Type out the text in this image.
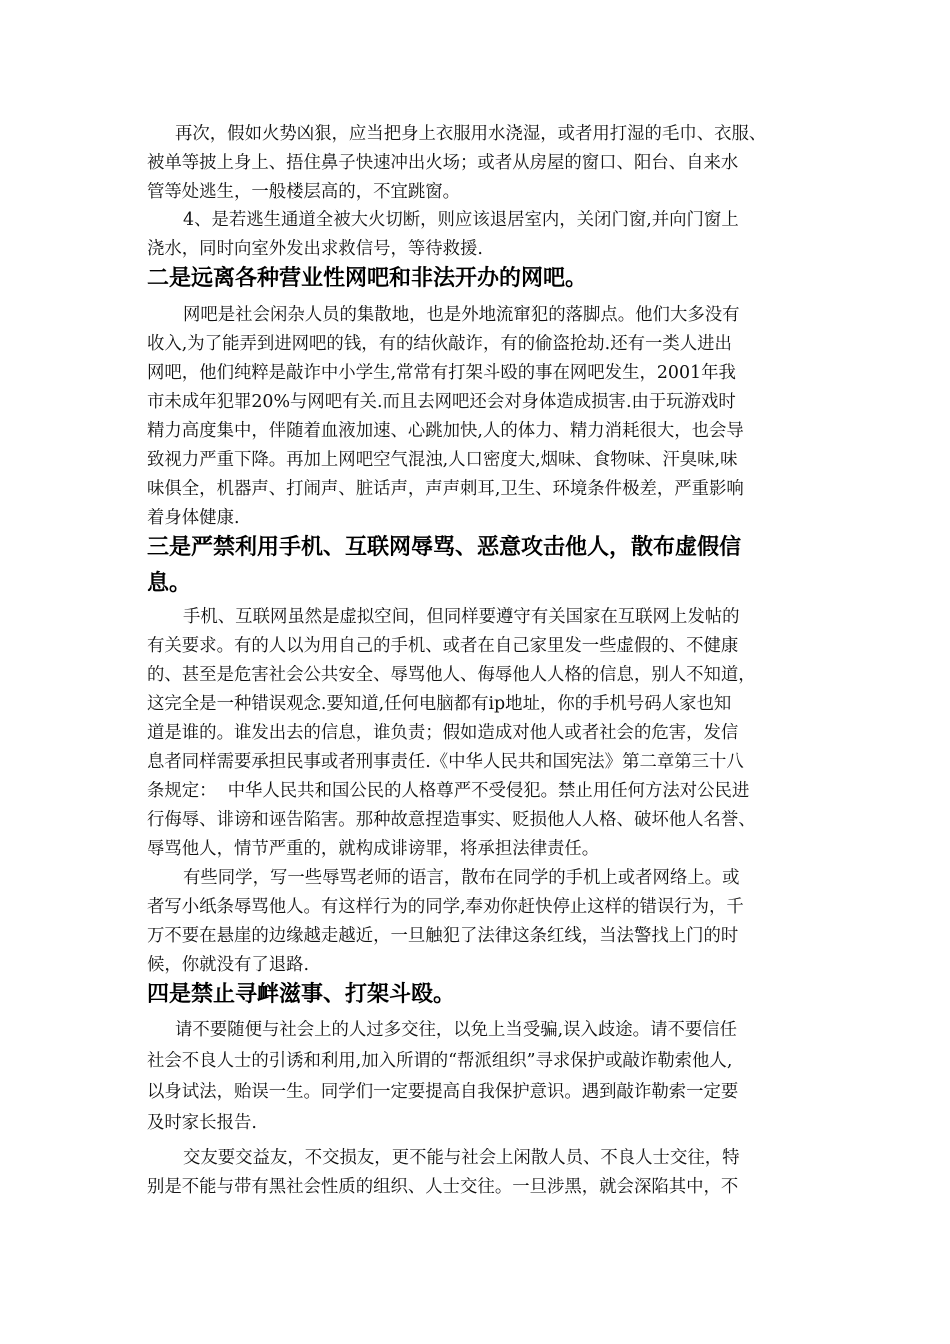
再次，假如火势凶狠，应当把身上衣服用水浇湿，或者用打湿的毛巾、衣服、
被单等披上身上、捂住鼻子快速冲出火场；或者从房屋的窗口、阳台、自来水
管等处逃生，一般楼层高的，不宜跳窗。
4、是若逃生通道全被大火切断，则应该退居室内，关闭门窗,并向门窗上
浇水，同时向室外发出求救信号，等待救援.
二是远离各种营业性网吧和非法开办的网吧。
网吧是社会闲杂人员的集散地，也是外地流窜犯的落脚点。他们大多没有
收入,为了能弄到进网吧的钱，有的结伙敲诈，有的偷盗抢劫.还有一类人进出
网吧，他们纯粹是敲诈中小学生,常常有打架斗殴的事在网吧发生，2001年我
市未成年犯罪20%与网吧有关.而且去网吧还会对身体造成损害.由于玩游戏时
精力高度集中，伴随着血液加速、心跳加快,人的体力、精力消耗很大，也会导
致视力严重下降。再加上网吧空气混浊,人口密度大,烟味、食物味、汗臭味,味
味俱全，机器声、打闹声、脏话声，声声刺耳,卫生、环境条件极差，严重影响
着身体健康.
三是严禁利用手机、互联网辱骂、恶意攻击他人，散布虚假信
息。
手机、互联网虽然是虚拟空间，但同样要遵守有关国家在互联网上发帖的
有关要求。有的人以为用自己的手机、或者在自己家里发一些虚假的、不健康
的、甚至是危害社会公共安全、辱骂他人、侮辱他人人格的信息，别人不知道，
这完全是一种错误观念.要知道,任何电脑都有ip地址，你的手机号码人家也知
道是谁的。谁发出去的信息，谁负责；假如造成对他人或者社会的危害，发信
息者同样需要承担民事或者刑事责任.《中华人民共和国宪法》第二章第三十八
条规定：  中华人民共和国公民的人格尊严不受侵犯。禁止用任何方法对公民进
行侮辱、诽谤和诬告陷害。那种故意捏造事实、贬损他人人格、破坏他人名誉、
辱骂他人，情节严重的，就构成诽谤罪，将承担法律责任。
有些同学，写一些辱骂老师的语言，散布在同学的手机上或者网络上。或
者写小纸条辱骂他人。有这样行为的同学,奉劝你赶快停止这样的错误行为，千
万不要在悬崖的边缘越走越近，一旦触犯了法律这条红线，当法警找上门的时
候，你就没有了退路.
四是禁止寻衅滋事、打架斗殴。
请不要随便与社会上的人过多交往，以免上当受骗,误入歧途。请不要信任
社会不良人士的引诱和利用,加入所谓的“帮派组织”寻求保护或敲诈勒索他人,
以身试法，贻误一生。同学们一定要提高自我保护意识。遇到敲诈勒索一定要
及时家长报告.
交友要交益友，不交损友，更不能与社会上闲散人员、不良人士交往，特
别是不能与带有黑社会性质的组织、人士交往。一旦涉黑，就会深陷其中，不
